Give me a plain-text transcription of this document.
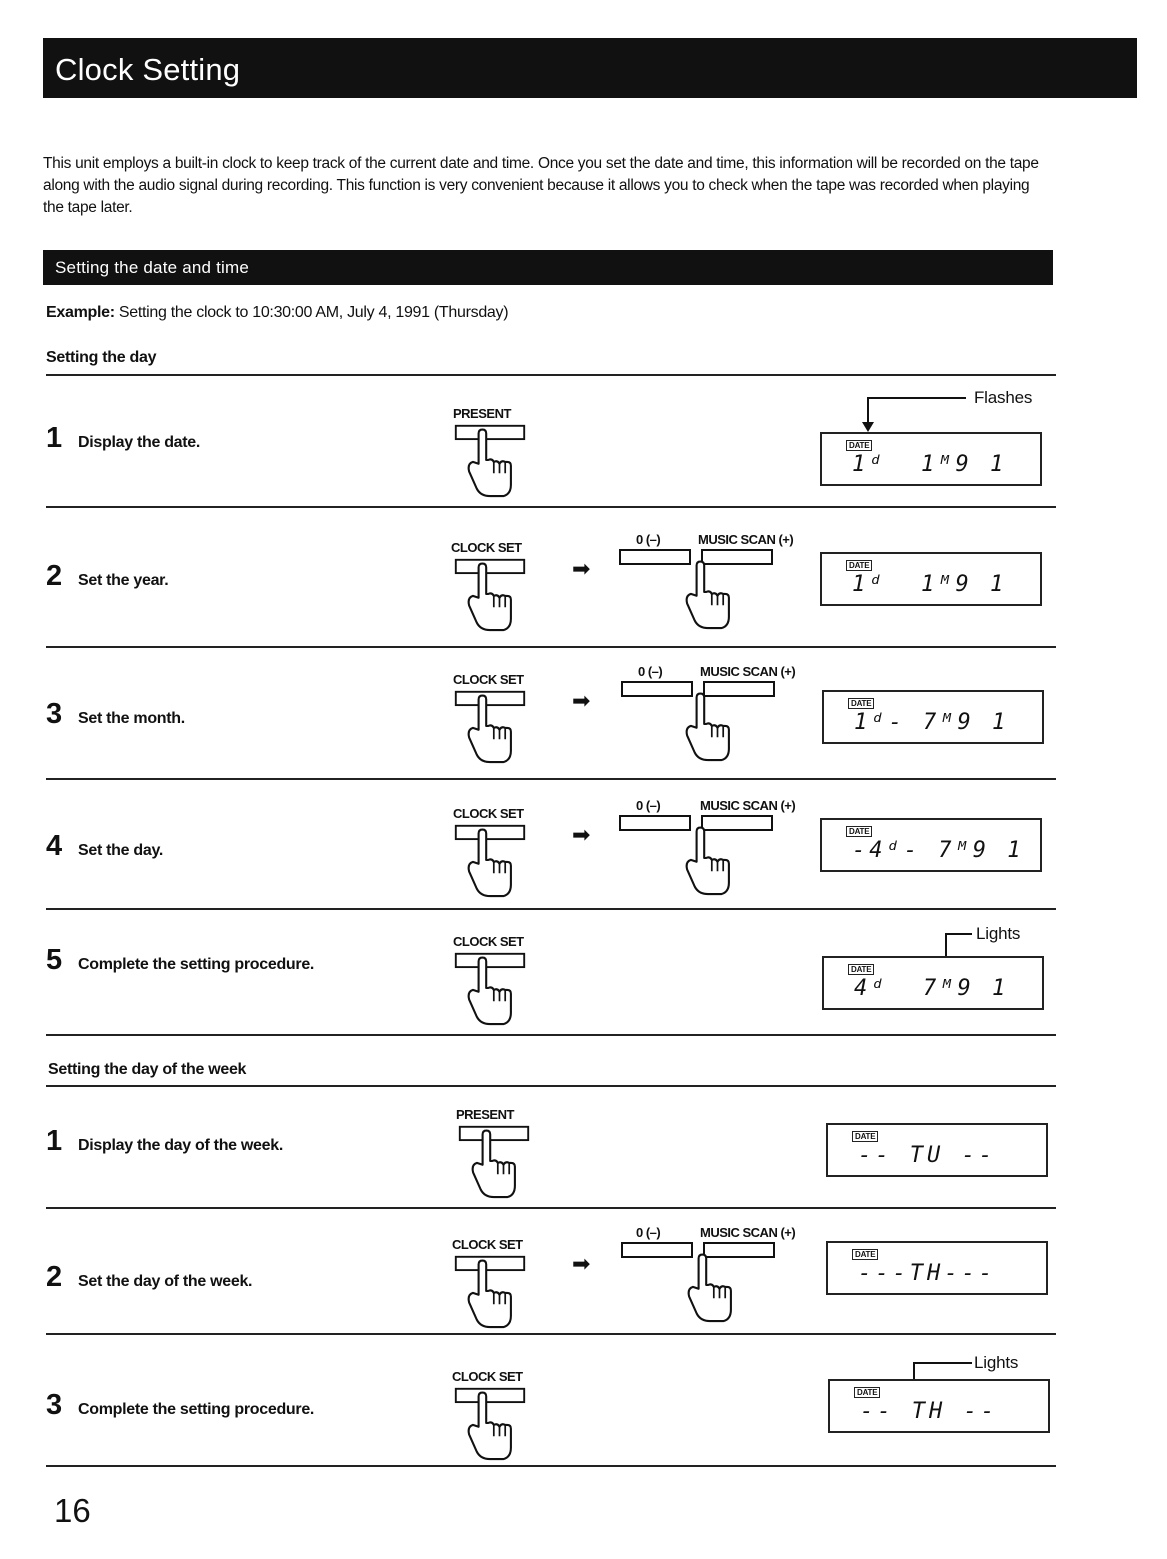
Clock Setting
This unit employs a built-in clock to keep track of the current date and time. Once you set the date and time, this information will be recorded on the tape along with the audio signal during recording. This function is very convenient because it allows you to check when the tape was recorded when playing the tape later.
Setting the date and time
Example: Setting the clock to 10:30:00 AM, July 4, 1991 (Thursday)
Setting the day
1 Display the date.
PRESENT
Flashes
DATE
1ᵈ  1ᴹ9 1
2 Set the year.
CLOCK SET
➡
0 (–)	MUSIC SCAN (+)
DATE
1ᵈ  1ᴹ9 1
3 Set the month.
CLOCK SET
➡
0 (–)	MUSIC SCAN (+)
DATE
1ᵈ- 7ᴹ9 1
4 Set the day.
CLOCK SET
➡
0 (–)	MUSIC SCAN (+)
DATE
-4ᵈ- 7ᴹ9 1
5 Complete the setting procedure.
CLOCK SET	Lights
DATE
4ᵈ  7ᴹ9 1
Setting the day of the week
1 Display the day of the week.
PRESENT
DATE
-- TU --
2 Set the day of the week.
CLOCK SET
➡
0 (–)	MUSIC SCAN (+)
DATE
---TH---
3 Complete the setting procedure.
CLOCK SET
Lights
DATE
-- TH --
16
